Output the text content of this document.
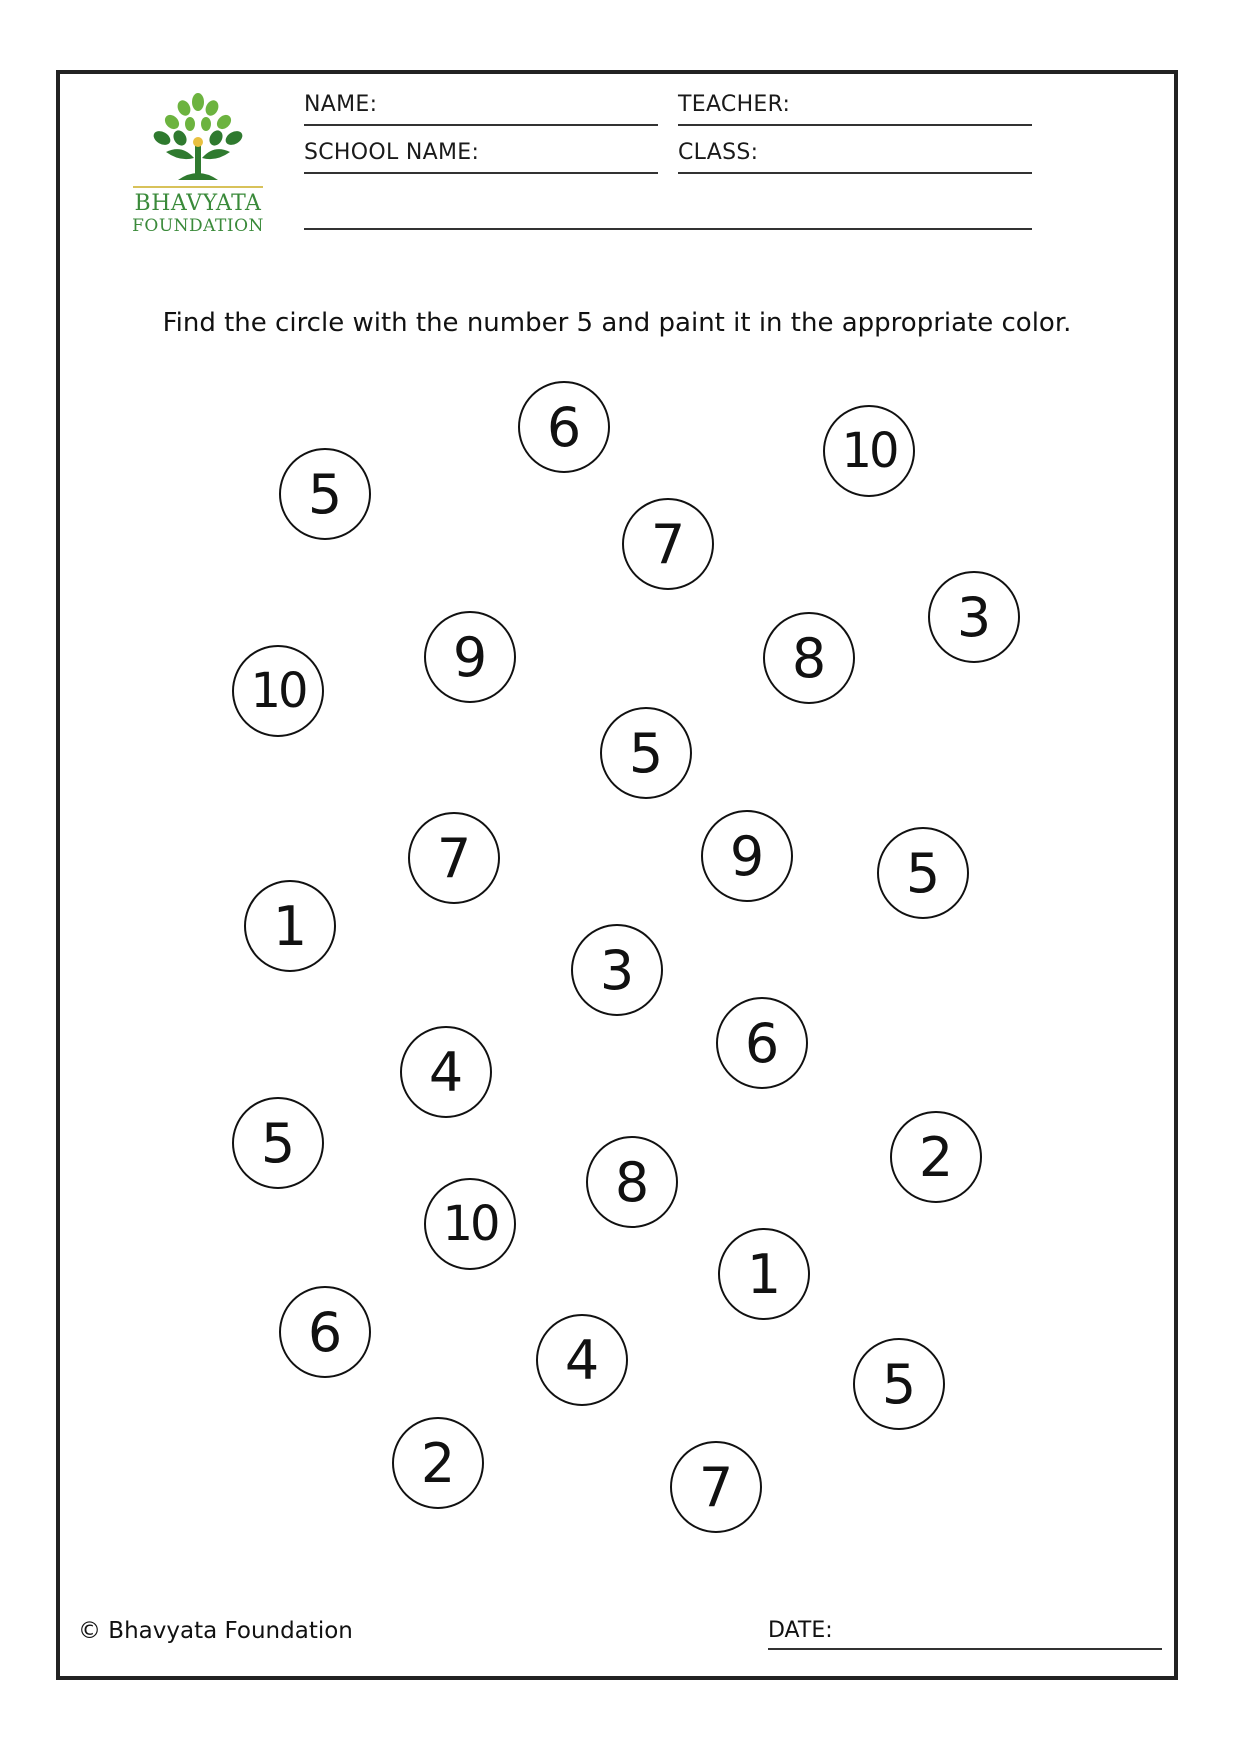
BHAVYATA
FOUNDATION
NAME:	TEACHER:
SCHOOL NAME:	CLASS:
Find the circle with the number 5 and paint it in the appropriate color.
6	10
5
7
3
9	8
10
5
7	9	5
1
3
6
4
5	2
8
10
1
6	4	5
2	7
© Bhavyata Foundation	DATE:
